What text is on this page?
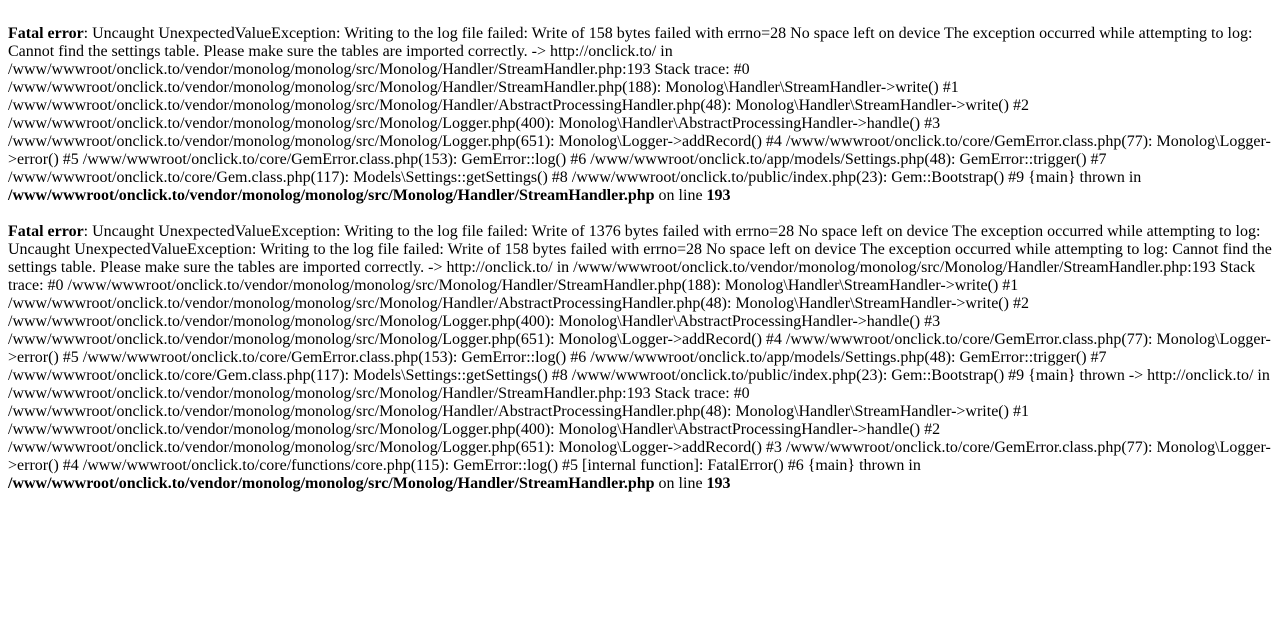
Fatal error: Uncaught UnexpectedValueException: Writing to the log file failed: Write of 158 bytes failed with errno=28 No space left on device The exception occurred while attempting to log: Cannot find the settings table. Please make sure the tables are imported correctly. -> http://onclick.to/ in /www/wwwroot/onclick.to/vendor/monolog/monolog/src/Monolog/Handler/StreamHandler.php:193 Stack trace: #0 /www/wwwroot/onclick.to/vendor/monolog/monolog/src/Monolog/Handler/StreamHandler.php(188): Monolog\Handler\StreamHandler->write() #1 /www/wwwroot/onclick.to/vendor/monolog/monolog/src/Monolog/Handler/AbstractProcessingHandler.php(48): Monolog\Handler\StreamHandler->write() #2 /www/wwwroot/onclick.to/vendor/monolog/monolog/src/Monolog/Logger.php(400): Monolog\Handler\AbstractProcessingHandler->handle() #3 /www/wwwroot/onclick.to/vendor/monolog/monolog/src/Monolog/Logger.php(651): Monolog\Logger->addRecord() #4 /www/wwwroot/onclick.to/core/GemError.class.php(77): Monolog\Logger->error() #5 /www/wwwroot/onclick.to/core/GemError.class.php(153): GemError::log() #6 /www/wwwroot/onclick.to/app/models/Settings.php(48): GemError::trigger() #7 /www/wwwroot/onclick.to/core/Gem.class.php(117): Models\Settings::getSettings() #8 /www/wwwroot/onclick.to/public/index.php(23): Gem::Bootstrap() #9 {main} thrown in /www/wwwroot/onclick.to/vendor/monolog/monolog/src/Monolog/Handler/StreamHandler.php on line 193
Fatal error: Uncaught UnexpectedValueException: Writing to the log file failed: Write of 1376 bytes failed with errno=28 No space left on device The exception occurred while attempting to log: Uncaught UnexpectedValueException: Writing to the log file failed: Write of 158 bytes failed with errno=28 No space left on device The exception occurred while attempting to log: Cannot find the settings table. Please make sure the tables are imported correctly. -> http://onclick.to/ in /www/wwwroot/onclick.to/vendor/monolog/monolog/src/Monolog/Handler/StreamHandler.php:193 Stack trace: #0 /www/wwwroot/onclick.to/vendor/monolog/monolog/src/Monolog/Handler/StreamHandler.php(188): Monolog\Handler\StreamHandler->write() #1 /www/wwwroot/onclick.to/vendor/monolog/monolog/src/Monolog/Handler/AbstractProcessingHandler.php(48): Monolog\Handler\StreamHandler->write() #2 /www/wwwroot/onclick.to/vendor/monolog/monolog/src/Monolog/Logger.php(400): Monolog\Handler\AbstractProcessingHandler->handle() #3 /www/wwwroot/onclick.to/vendor/monolog/monolog/src/Monolog/Logger.php(651): Monolog\Logger->addRecord() #4 /www/wwwroot/onclick.to/core/GemError.class.php(77): Monolog\Logger->error() #5 /www/wwwroot/onclick.to/core/GemError.class.php(153): GemError::log() #6 /www/wwwroot/onclick.to/app/models/Settings.php(48): GemError::trigger() #7 /www/wwwroot/onclick.to/core/Gem.class.php(117): Models\Settings::getSettings() #8 /www/wwwroot/onclick.to/public/index.php(23): Gem::Bootstrap() #9 {main} thrown -> http://onclick.to/ in /www/wwwroot/onclick.to/vendor/monolog/monolog/src/Monolog/Handler/StreamHandler.php:193 Stack trace: #0 /www/wwwroot/onclick.to/vendor/monolog/monolog/src/Monolog/Handler/AbstractProcessingHandler.php(48): Monolog\Handler\StreamHandler->write() #1 /www/wwwroot/onclick.to/vendor/monolog/monolog/src/Monolog/Logger.php(400): Monolog\Handler\AbstractProcessingHandler->handle() #2 /www/wwwroot/onclick.to/vendor/monolog/monolog/src/Monolog/Logger.php(651): Monolog\Logger->addRecord() #3 /www/wwwroot/onclick.to/core/GemError.class.php(77): Monolog\Logger->error() #4 /www/wwwroot/onclick.to/core/functions/core.php(115): GemError::log() #5 [internal function]: FatalError() #6 {main} thrown in /www/wwwroot/onclick.to/vendor/monolog/monolog/src/Monolog/Handler/StreamHandler.php on line 193
